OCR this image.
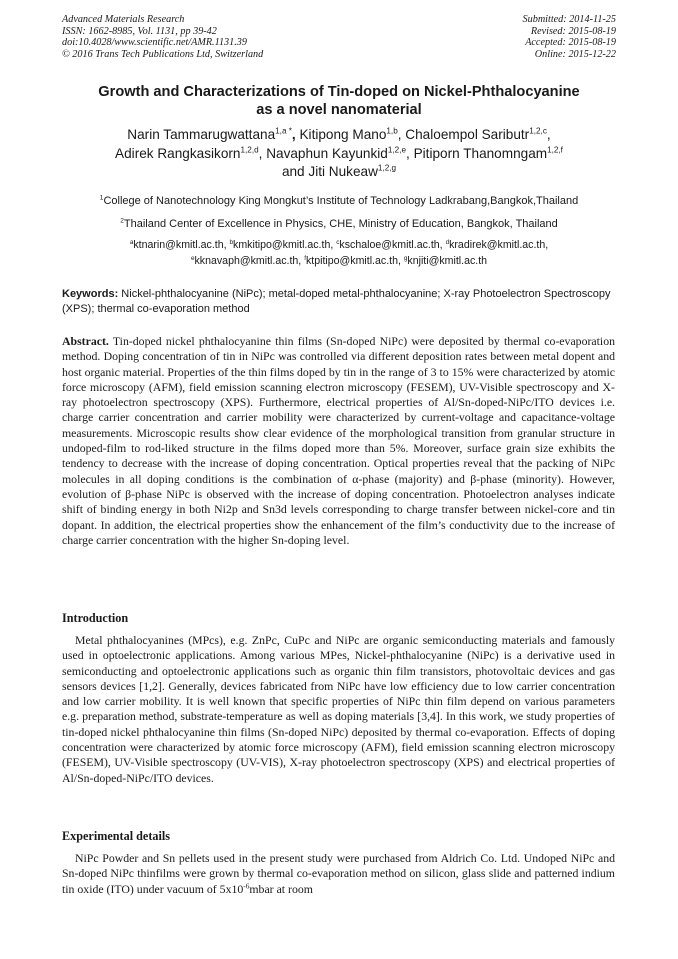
Advanced Materials Research
ISSN: 1662-8985, Vol. 1131, pp 39-42
doi:10.4028/www.scientific.net/AMR.1131.39
© 2016 Trans Tech Publications Ltd, Switzerland
Submitted: 2014-11-25
Revised: 2015-08-19
Accepted: 2015-08-19
Online: 2015-12-22
Growth and Characterizations of Tin-doped on Nickel-Phthalocyanine
as a novel nanomaterial
Narin Tammarugwattana$^{1,a *}$, Kitipong Mano$^{1,b}$, Chaloempol Saributr$^{1,2,c}$,
Adirek Rangkasikorn$^{1,2,d}$, Navaphun Kayunkid$^{1,2,e}$, Pitiporn Thanomngam$^{1,2,f}$
and Jiti Nukeaw$^{1,2,g}$
$^1$College of Nanotechnology King Mongkut’s Institute of Technology Ladkrabang,Bangkok,Thailand
$^2$Thailand Center of Excellence in Physics, CHE, Ministry of Education, Bangkok, Thailand
$^a$ktnarin@kmitl.ac.th, $^b$kmkitipo@kmitl.ac.th, $^c$kschaloe@kmitl.ac.th, $^d$kradirek@kmitl.ac.th,
$^e$kknavaph@kmitl.ac.th, $^f$ktpitipo@kmitl.ac.th, $^g$knjiti@kmitl.ac.th
Keywords: Nickel-phthalocyanine (NiPc); metal-doped metal-phthalocyanine; X-ray Photoelectron Spectroscopy (XPS); thermal co-evaporation method

Abstract. Tin-doped nickel phthalocyanine thin films (Sn-doped NiPc) were deposited by thermal co-evaporation method. Doping concentration of tin in NiPc was controlled via different deposition rates between metal dopent and host organic material. Properties of the thin films doped by tin in the range of 3 to 15% were characterized by atomic force microscopy (AFM), field emission scanning electron microscopy (FESEM), UV-Visible spectroscopy and X-ray photoelectron spectroscopy (XPS). Furthermore, electrical properties of Al/Sn-doped-NiPc/ITO devices i.e. charge carrier concentration and carrier mobility were characterized by current-voltage and capacitance-voltage measurements. Microscopic results show clear evidence of the morphological transition from granular structure in undoped-film to rod-liked structure in the films doped more than 5%. Moreover, surface grain size exhibits the tendency to decrease with the increase of doping concentration. Optical properties reveal that the packing of NiPc molecules in all doping conditions is the combination of α-phase (majority) and β-phase (minority). However, evolution of β-phase NiPc is observed with the increase of doping concentration. Photoelectron analyses indicate shift of binding energy in both Ni2p and Sn3d levels corresponding to charge transfer between nickel-core and tin dopant. In addition, the electrical properties show the enhancement of the film’s conductivity due to the increase of charge carrier concentration with the higher Sn-doping level.

Introduction

Metal phthalocyanines (MPcs), e.g. ZnPc, CuPc and NiPc are organic semiconducting materials and famously used in optoelectronic applications. Among various MPes, Nickel-phthalocyanine (NiPc) is a derivative used in semiconducting and optoelectronic applications such as organic thin film transistors, photovoltaic devices and gas sensors devices [1,2]. Generally, devices fabricated from NiPc have low efficiency due to low carrier concentration and low carrier mobility. It is well known that specific properties of NiPc thin film depend on various parameters e.g. preparation method, substrate-temperature as well as doping materials [3,4]. In this work, we study properties of tin-doped nickel phthalocyanine thin films (Sn-doped NiPc) deposited by thermal co-evaporation. Effects of doping concentration were characterized by atomic force microscopy (AFM), field emission scanning electron microscopy (FESEM), UV-Visible spectroscopy (UV-VIS), X-ray photoelectron spectroscopy (XPS) and electrical properties of Al/Sn-doped-NiPc/ITO devices.

Experimental details

NiPc Powder and Sn pellets used in the present study were purchased from Aldrich Co. Ltd. Undoped NiPc and Sn-doped NiPc thinfilms were grown by thermal co-evaporation method on silicon, glass slide and patterned indium tin oxide (ITO) under vacuum of $5x10^{-6}mbar$ at room
